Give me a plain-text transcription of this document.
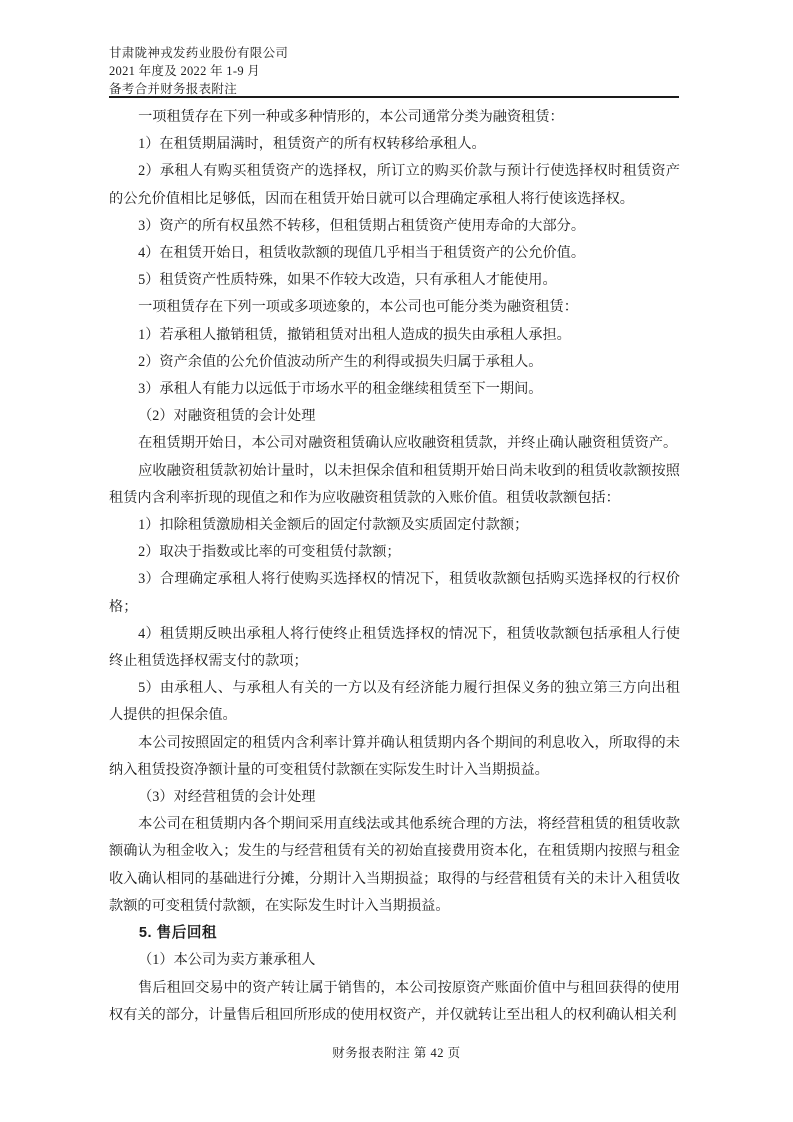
甘肃陇神戎发药业股份有限公司
2021 年度及 2022 年 1-9 月
备考合并财务报表附注

一项租赁存在下列一种或多种情形的，本公司通常分类为融资租赁：

1）在租赁期届满时，租赁资产的所有权转移给承租人。

2）承租人有购买租赁资产的选择权，所订立的购买价款与预计行使选择权时租赁资产的公允价值相比足够低，因而在租赁开始日就可以合理确定承租人将行使该选择权。

3）资产的所有权虽然不转移，但租赁期占租赁资产使用寿命的大部分。

4）在租赁开始日，租赁收款额的现值几乎相当于租赁资产的公允价值。

5）租赁资产性质特殊，如果不作较大改造，只有承租人才能使用。

一项租赁存在下列一项或多项迹象的，本公司也可能分类为融资租赁：

1）若承租人撤销租赁，撤销租赁对出租人造成的损失由承租人承担。

2）资产余值的公允价值波动所产生的利得或损失归属于承租人。

3）承租人有能力以远低于市场水平的租金继续租赁至下一期间。

（2）对融资租赁的会计处理

在租赁期开始日，本公司对融资租赁确认应收融资租赁款，并终止确认融资租赁资产。

应收融资租赁款初始计量时，以未担保余值和租赁期开始日尚未收到的租赁收款额按照租赁内含利率折现的现值之和作为应收融资租赁款的入账价值。租赁收款额包括：

1）扣除租赁激励相关金额后的固定付款额及实质固定付款额；

2）取决于指数或比率的可变租赁付款额；

3）合理确定承租人将行使购买选择权的情况下，租赁收款额包括购买选择权的行权价格；

4）租赁期反映出承租人将行使终止租赁选择权的情况下，租赁收款额包括承租人行使终止租赁选择权需支付的款项；

5）由承租人、与承租人有关的一方以及有经济能力履行担保义务的独立第三方向出租人提供的担保余值。

本公司按照固定的租赁内含利率计算并确认租赁期内各个期间的利息收入，所取得的未纳入租赁投资净额计量的可变租赁付款额在实际发生时计入当期损益。

（3）对经营租赁的会计处理

本公司在租赁期内各个期间采用直线法或其他系统合理的方法，将经营租赁的租赁收款额确认为租金收入；发生的与经营租赁有关的初始直接费用资本化，在租赁期内按照与租金收入确认相同的基础进行分摊，分期计入当期损益；取得的与经营租赁有关的未计入租赁收款额的可变租赁付款额，在实际发生时计入当期损益。

5. 售后回租

（1）本公司为卖方兼承租人

售后租回交易中的资产转让属于销售的，本公司按原资产账面价值中与租回获得的使用权有关的部分，计量售后租回所形成的使用权资产，并仅就转让至出租人的权利确认相关利

财务报表附注 第 42 页
